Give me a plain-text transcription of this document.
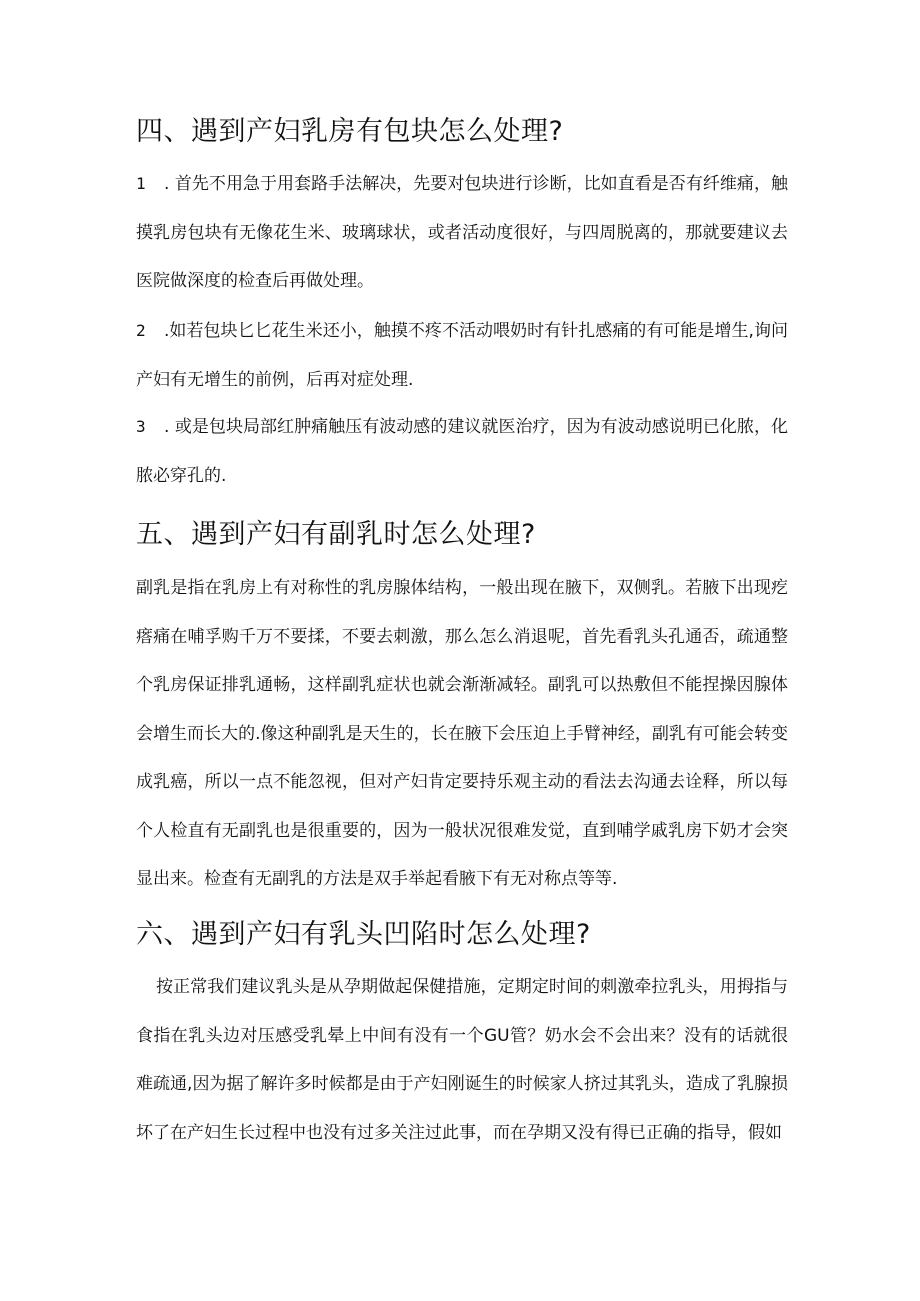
四、遇到产妇乳房有包块怎么处理?

1 . 首先不用急于用套路手法解决，先要对包块进行诊断，比如直看是否有纤维痛，触摸乳房包块有无像花生米、玻璃球状，或者活动度很好，与四周脱离的，那就要建议去医院做深度的检查后再做处理。

2 .如若包块匕匕花生米还小，触摸不疼不活动喂奶时有针扎感痛的有可能是增生,询问产妇有无增生的前例，后再对症处理.

3 . 或是包块局部红肿痛触压有波动感的建议就医治疗，因为有波动感说明已化脓，化脓必穿孔的.

五、遇到产妇有副乳时怎么处理?

副乳是指在乳房上有对称性的乳房腺体结构，一般出现在腋下，双侧乳。若腋下出现疙瘩痛在哺孚购千万不要揉，不要去刺激，那么怎么消退呢，首先看乳头孔通否，疏通整个乳房保证排乳通畅，这样副乳症状也就会渐渐减轻。副乳可以热敷但不能捏操因腺体会增生而长大的.像这种副乳是天生的，长在腋下会压迫上手臂神经，副乳有可能会转变成乳癌，所以一点不能忽视，但对产妇肯定要持乐观主动的看法去沟通去诠释，所以每个人检直有无副乳也是很重要的，因为一般状况很难发觉，直到哺学戚乳房下奶才会突显出来。检查有无副乳的方法是双手举起看腋下有无对称点等等.

六、遇到产妇有乳头凹陷时怎么处理?

按正常我们建议乳头是从孕期做起保健措施，定期定时间的刺激牵拉乳头，用拇指与食指在乳头边对压感受乳晕上中间有没有一个GU管？奶水会不会出来？没有的话就很难疏通,因为据了解许多时候都是由于产妇刚诞生的时候家人挤过其乳头，造成了乳腺损坏了在产妇生长过程中也没有过多关注过此事，而在孕期又没有得已正确的指导，假如
